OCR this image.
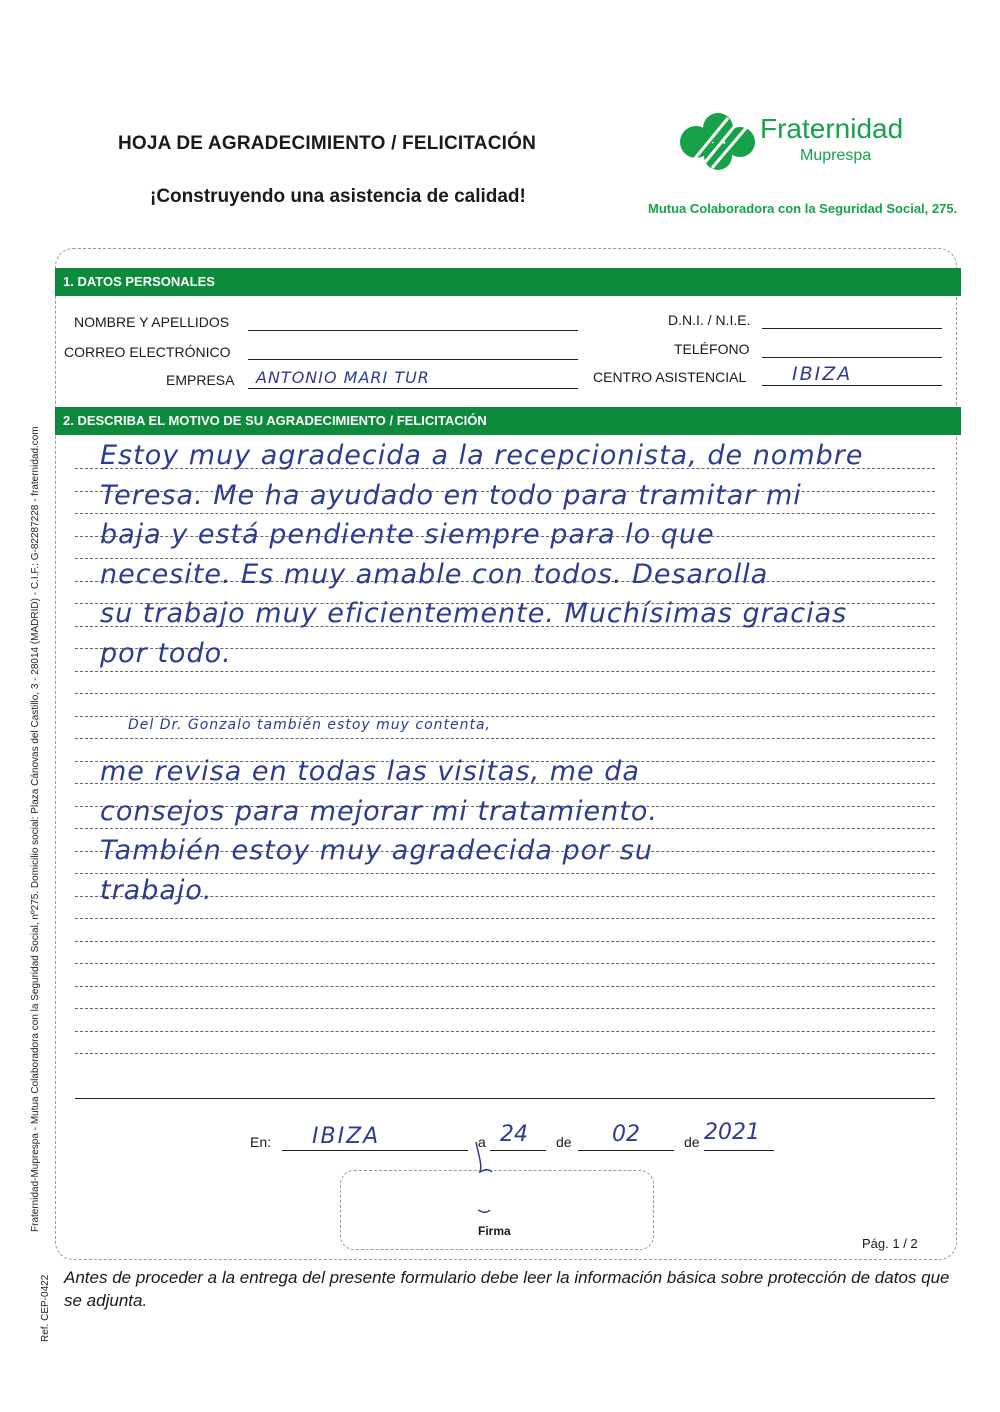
HOJA DE AGRADECIMIENTO / FELICITACIÓN
¡Construyendo una asistencia de calidad!
Fraternidad
Muprespa
Mutua Colaboradora con la Seguridad Social, 275.
Fraternidad-Muprespa - Mutua Colaboradora con la Seguridad Social, nº275. Domicilio social: Plaza Cánovas del Castillo, 3 - 28014 (MADRID) - C.I.F.: G-82287228 - fraternidad.com
Ref. CEP-0422
1. DATOS PERSONALES
NOMBRE Y APELLIDOS
CORREO ELECTRÓNICO
EMPRESA ANTONIO MARI TUR
D.N.I. / N.I.E.
TELÉFONO
CENTRO ASISTENCIAL IBIZA
2. DESCRIBA EL MOTIVO DE SU AGRADECIMIENTO / FELICITACIÓN
Estoy muy agradecida a la recepcionista, de nombre
Teresa. Me ha ayudado en todo para tramitar mi
baja y está pendiente siempre para lo que
necesite. Es muy amable con todos. Desarolla
su trabajo muy eficientemente. Muchísimas gracias
por todo.
Del Dr. Gonzalo también estoy muy contenta,
me revisa en todas las visitas, me da
consejos para mejorar mi tratamiento.
También estoy muy agradecida por su
trabajo.
En: IBIZA	a 24 de 02	de 2021
Firma
Pág. 1 / 2
Antes de proceder a la entrega del presente formulario debe leer la información básica sobre protección de datos que se adjunta.
